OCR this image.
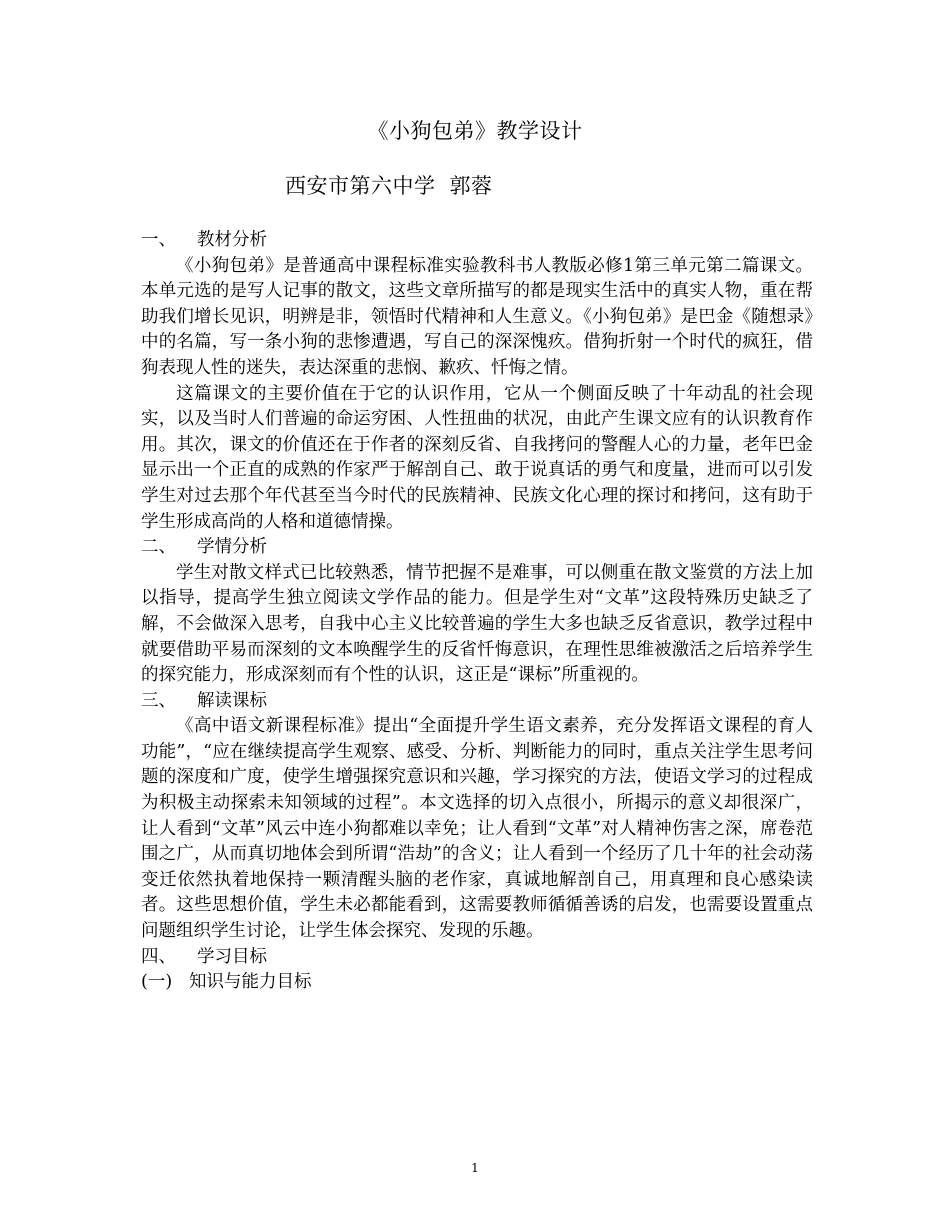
《小狗包弟》教学设计
西安市第六中学 郭蓉
一、 教材分析

《小狗包弟》是普通高中课程标准实验教科书人教版必修1第三单元第二篇课文。本单元选的是写人记事的散文，这些文章所描写的都是现实生活中的真实人物，重在帮助我们增长见识，明辨是非，领悟时代精神和人生意义。《小狗包弟》是巴金《随想录》中的名篇，写一条小狗的悲惨遭遇，写自己的深深愧疚。借狗折射一个时代的疯狂，借狗表现人性的迷失，表达深重的悲悯、歉疚、忏悔之情。

这篇课文的主要价值在于它的认识作用，它从一个侧面反映了十年动乱的社会现实，以及当时人们普遍的命运穷困、人性扭曲的状况，由此产生课文应有的认识教育作用。其次，课文的价值还在于作者的深刻反省、自我拷问的警醒人心的力量，老年巴金显示出一个正直的成熟的作家严于解剖自己、敢于说真话的勇气和度量，进而可以引发学生对过去那个年代甚至当今时代的民族精神、民族文化心理的探讨和拷问，这有助于学生形成高尚的人格和道德情操。

二、 学情分析

学生对散文样式已比较熟悉，情节把握不是难事，可以侧重在散文鉴赏的方法上加以指导，提高学生独立阅读文学作品的能力。但是学生对“文革”这段特殊历史缺乏了解，不会做深入思考，自我中心主义比较普遍的学生大多也缺乏反省意识，教学过程中就要借助平易而深刻的文本唤醒学生的反省忏悔意识，在理性思维被激活之后培养学生的探究能力，形成深刻而有个性的认识，这正是“课标”所重视的。

三、 解读课标

《高中语文新课程标准》提出“全面提升学生语文素养，充分发挥语文课程的育人功能”，“应在继续提高学生观察、感受、分析、判断能力的同时，重点关注学生思考问题的深度和广度，使学生增强探究意识和兴趣，学习探究的方法，使语文学习的过程成为积极主动探索未知领域的过程”。本文选择的切入点很小，所揭示的意义却很深广，让人看到“文革”风云中连小狗都难以幸免；让人看到“文革”对人精神伤害之深，席卷范围之广，从而真切地体会到所谓“浩劫”的含义；让人看到一个经历了几十年的社会动荡变迁依然执着地保持一颗清醒头脑的老作家，真诚地解剖自己，用真理和良心感染读者。这些思想价值，学生未必都能看到，这需要教师循循善诱的启发，也需要设置重点问题组织学生讨论，让学生体会探究、发现的乐趣。

四、 学习目标
(一) 知识与能力目标
1
